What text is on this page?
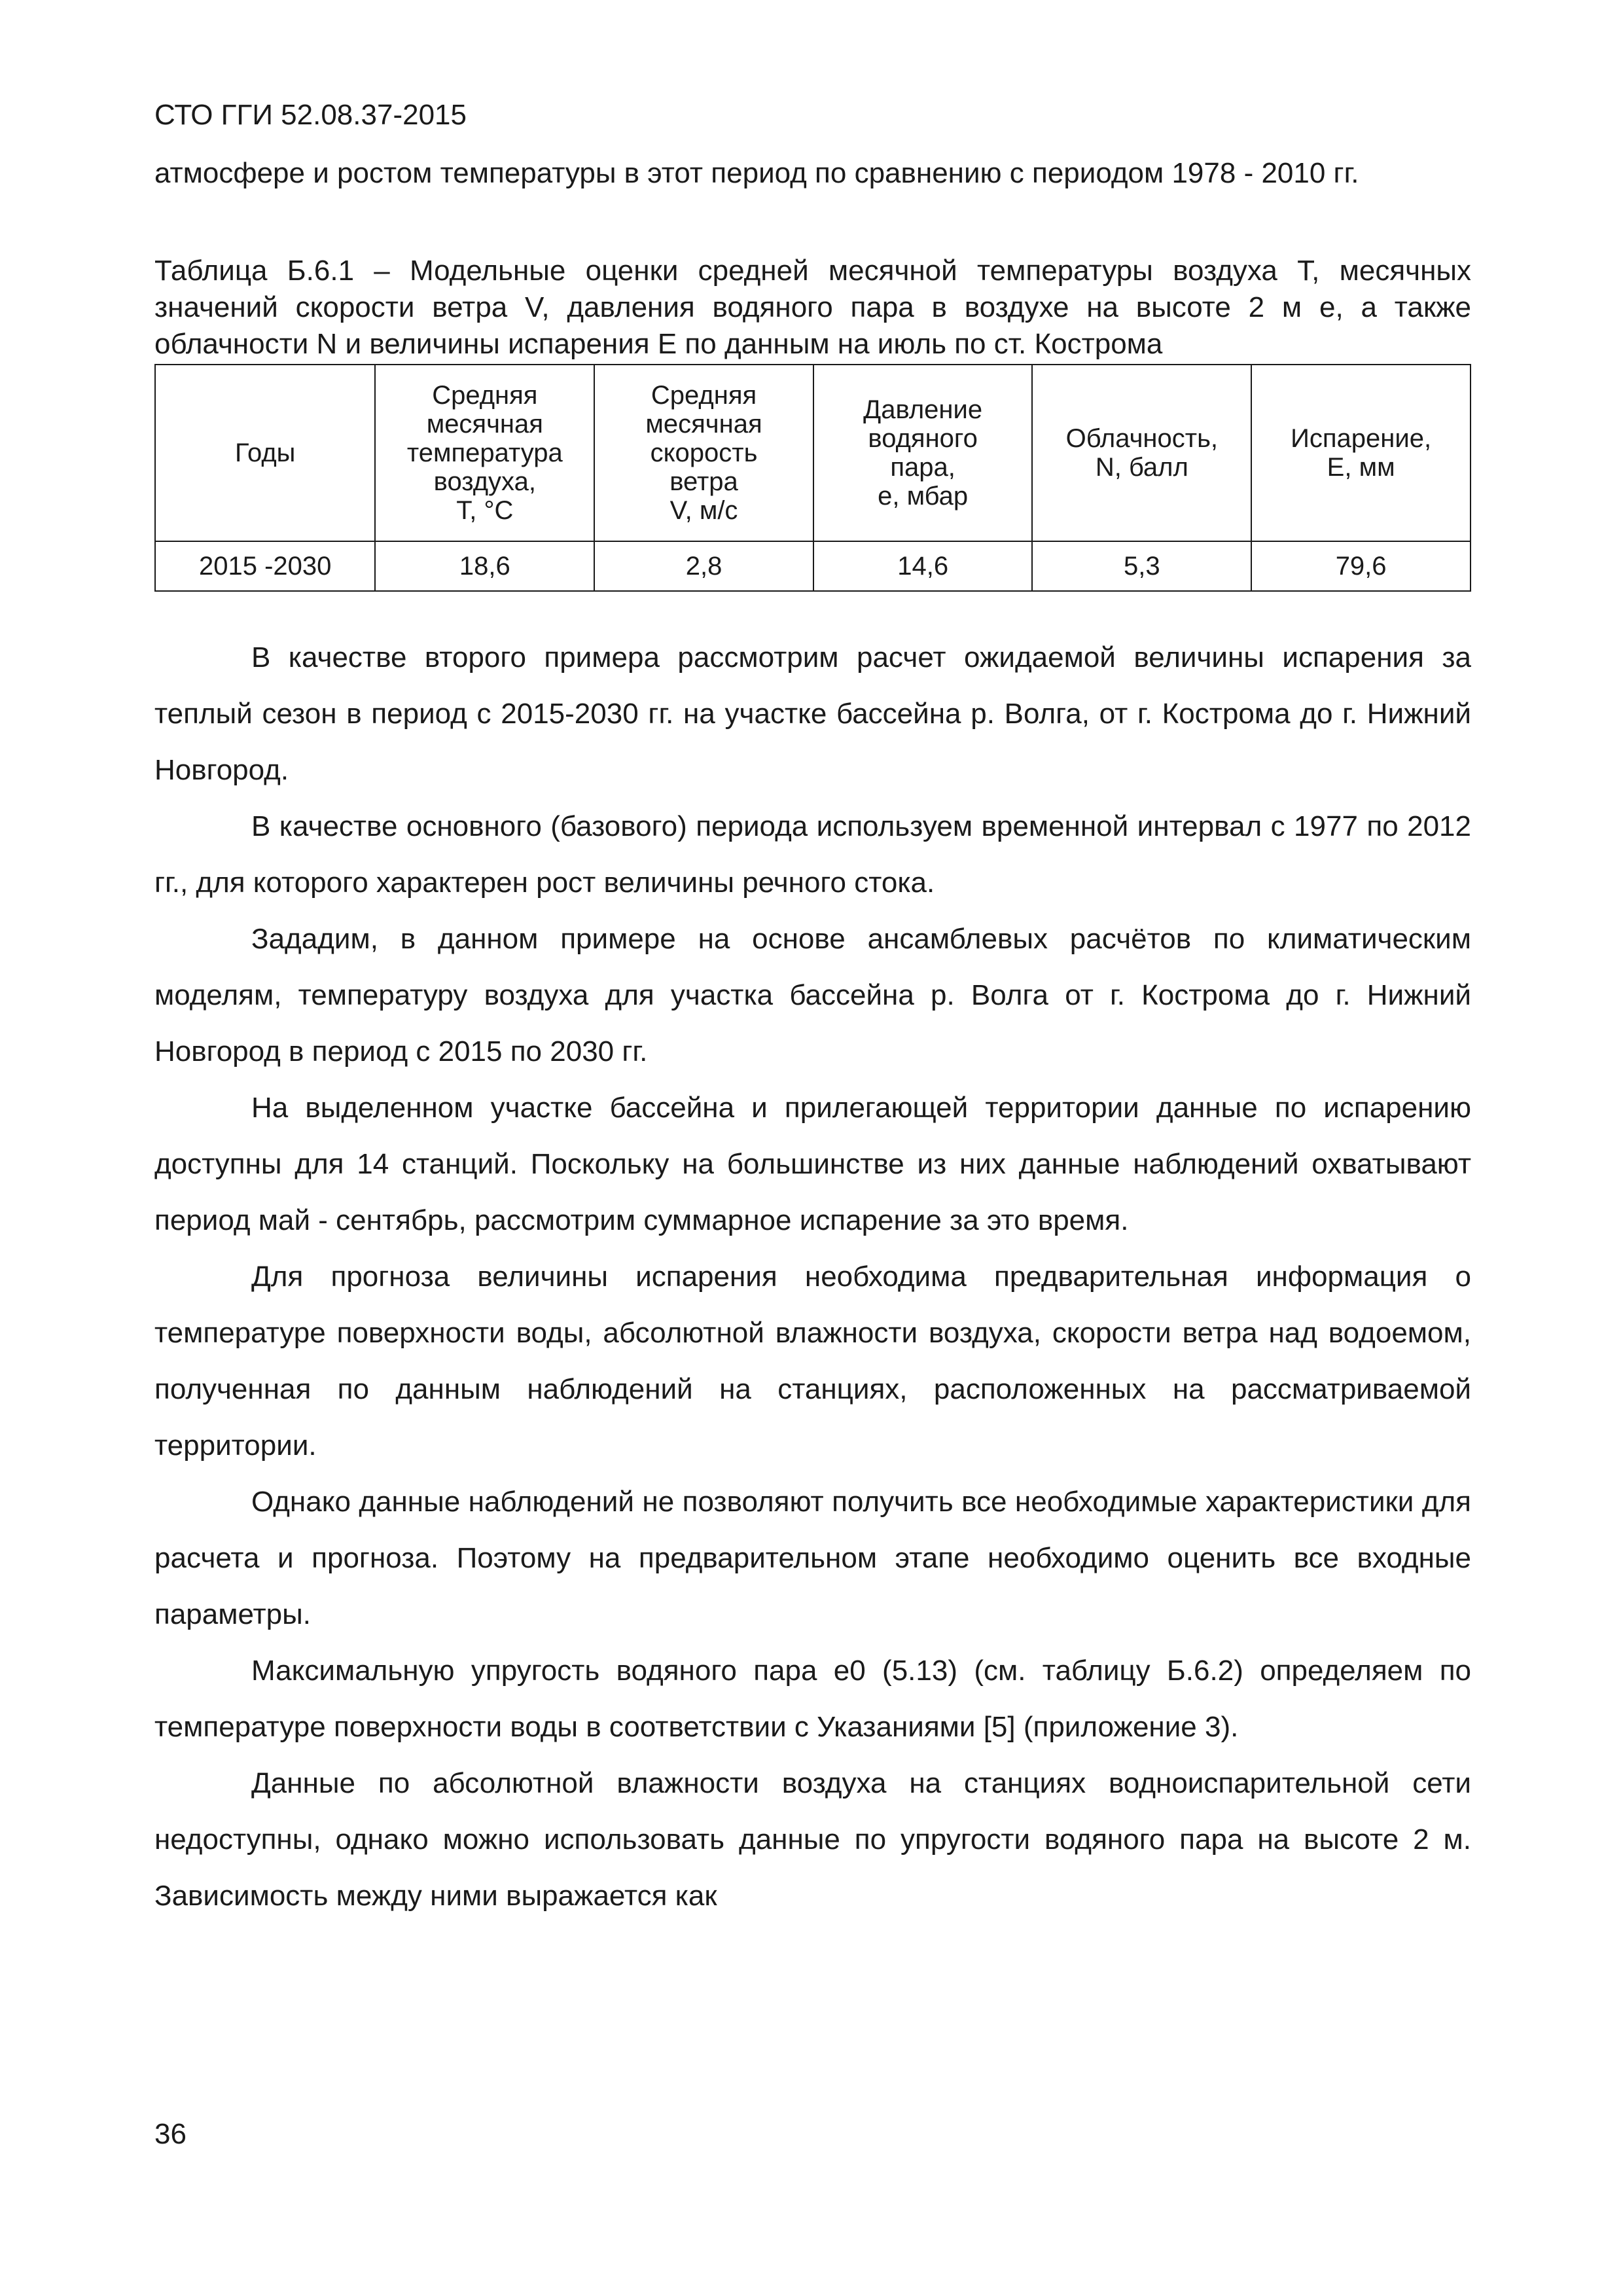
СТО ГГИ 52.08.37-2015

атмосфере и ростом температуры в этот период по сравнению с периодом 1978 - 2010 гг.

Таблица Б.6.1 – Модельные оценки средней месячной температуры воздуха T, месячных значений скорости ветра V, давления водяного пара в воздухе на высоте 2 м e, а также облачности N и величины испарения E по данным на июль по ст. Кострома

Годы	Средняя
месячная
температура
воздуха,
T, °C	Средняя
месячная
скорость
ветра
V, м/с	Давление
водяного
пара,
e, мбар	Облачность,
N, балл	Испарение,
E, мм

2015 -2030	18,6	2,8	14,6	5,3	79,6

В качестве второго примера рассмотрим расчет ожидаемой величины испарения за теплый сезон в период с 2015-2030 гг. на участке бассейна р. Волга, от г. Кострома до г. Нижний Новгород.

В качестве основного (базового) периода используем временной интервал с 1977 по 2012 гг., для которого характерен рост величины речного стока.

Зададим, в данном примере на основе ансамблевых расчётов по климатическим моделям, температуру воздуха для участка бассейна р. Волга от г. Кострома до г. Нижний Новгород в период с 2015 по 2030 гг.

На выделенном участке бассейна и прилегающей территории данные по испарению доступны для 14 станций. Поскольку на большинстве из них данные наблюдений охватывают период май - сентябрь, рассмотрим суммарное испарение за это время.

Для прогноза величины испарения необходима предварительная информация о температуре поверхности воды, абсолютной влажности воздуха, скорости ветра над водоемом, полученная по данным наблюдений на станциях, расположенных на рассматриваемой территории.

Однако данные наблюдений не позволяют получить все необходимые характеристики для расчета и прогноза. Поэтому на предварительном этапе необходимо оценить все входные параметры.

Максимальную упругость водяного пара e0 (5.13) (см. таблицу Б.6.2) определяем по температуре поверхности воды в соответствии с Указаниями [5] (приложение 3).

Данные по абсолютной влажности воздуха на станциях водноиспарительной сети недоступны, однако можно использовать данные по упругости водяного пара на высоте 2 м. Зависимость между ними выражается как

36
